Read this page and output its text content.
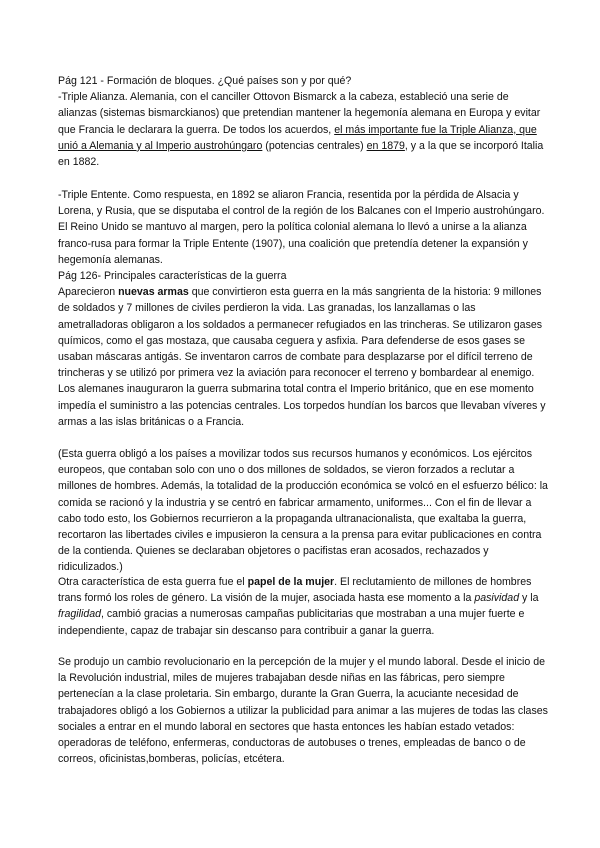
Pág 121 - Formación de bloques. ¿Qué países son y por qué?
-Triple Alianza. Alemania, con el canciller Ottovon Bismarck a la cabeza, estableció una serie de alianzas (sistemas bismarckianos) que pretendian mantener la hegemonía alemana en Europa y evitar que Francia le declarara la guerra. De todos los acuerdos, el más importante fue la Triple Alianza, que unió a Alemania y al Imperio austrohúngaro (potencias centrales) en 1879, y a la que se incorporó Italia en 1882.
-Triple Entente. Como respuesta, en 1892 se aliaron Francia, resentida por la pérdida de Alsacia y Lorena, y Rusia, que se disputaba el control de la región de los Balcanes con el Imperio austrohúngaro. El Reino Unido se mantuvo al margen, pero la política colonial alemana lo llevó a unirse a la alianza franco-rusa para formar la Triple Entente (1907), una coalición que pretendía detener la expansión y hegemonía alemanas.
Pág 126- Principales características de la guerra
Aparecieron nuevas armas que convirtieron esta guerra en la más sangrienta de la historia: 9 millones de soldados y 7 millones de civiles perdieron la vida. Las granadas, los lanzallamas o las ametralladoras obligaron a los soldados a permanecer refugiados en las trincheras. Se utilizaron gases químicos, como el gas mostaza, que causaba ceguera y asfixia. Para defenderse de esos gases se usaban máscaras antigás. Se inventaron carros de combate para desplazarse por el difícil terreno de trincheras y se utilizó por primera vez la aviación para reconocer el terreno y bombardear al enemigo. Los alemanes inauguraron la guerra submarina total contra el Imperio británico, que en ese momento impedía el suministro a las potencias centrales. Los torpedos hundían los barcos que llevaban víveres y armas a las islas británicas o a Francia.
(Esta guerra obligó a los países a movilizar todos sus recursos humanos y económicos. Los ejércitos europeos, que contaban solo con uno o dos millones de soldados, se vieron forzados a reclutar a millones de hombres. Además, la totalidad de la producción económica se volcó en el esfuerzo bélico: la comida se racionó y la industria y se centró en fabricar armamento, uniformes... Con el fin de llevar a cabo todo esto, los Gobiernos recurrieron a la propaganda ultranacionalista, que exaltaba la guerra, recortaron las libertades civiles e impusieron la censura a la prensa para evitar publicaciones en contra de la contienda. Quienes se declaraban objetores o pacifistas eran acosados, rechazados y ridiculizados.)
Otra característica de esta guerra fue el papel de la mujer. El reclutamiento de millones de hombres trans formó los roles de género. La visión de la mujer, asociada hasta ese momento a la pasividad y la fragilidad, cambió gracias a numerosas campañas publicitarias que mostraban a una mujer fuerte e independiente, capaz de trabajar sin descanso para contribuir a ganar la guerra.
Se produjo un cambio revolucionario en la percepción de la mujer y el mundo laboral. Desde el inicio de la Revolución industrial, miles de mujeres trabajaban desde niñas en las fábricas, pero siempre pertenecían a la clase proletaria. Sin embargo, durante la Gran Guerra, la acuciante necesidad de trabajadores obligó a los Gobiernos a utilizar la publicidad para animar a las mujeres de todas las clases sociales a entrar en el mundo laboral en sectores que hasta entonces les habían estado vetados: operadoras de teléfono, enfermeras, conductoras de autobuses o trenes, empleadas de banco o de correos, oficinistas,bomberas, policías, etcétera.
